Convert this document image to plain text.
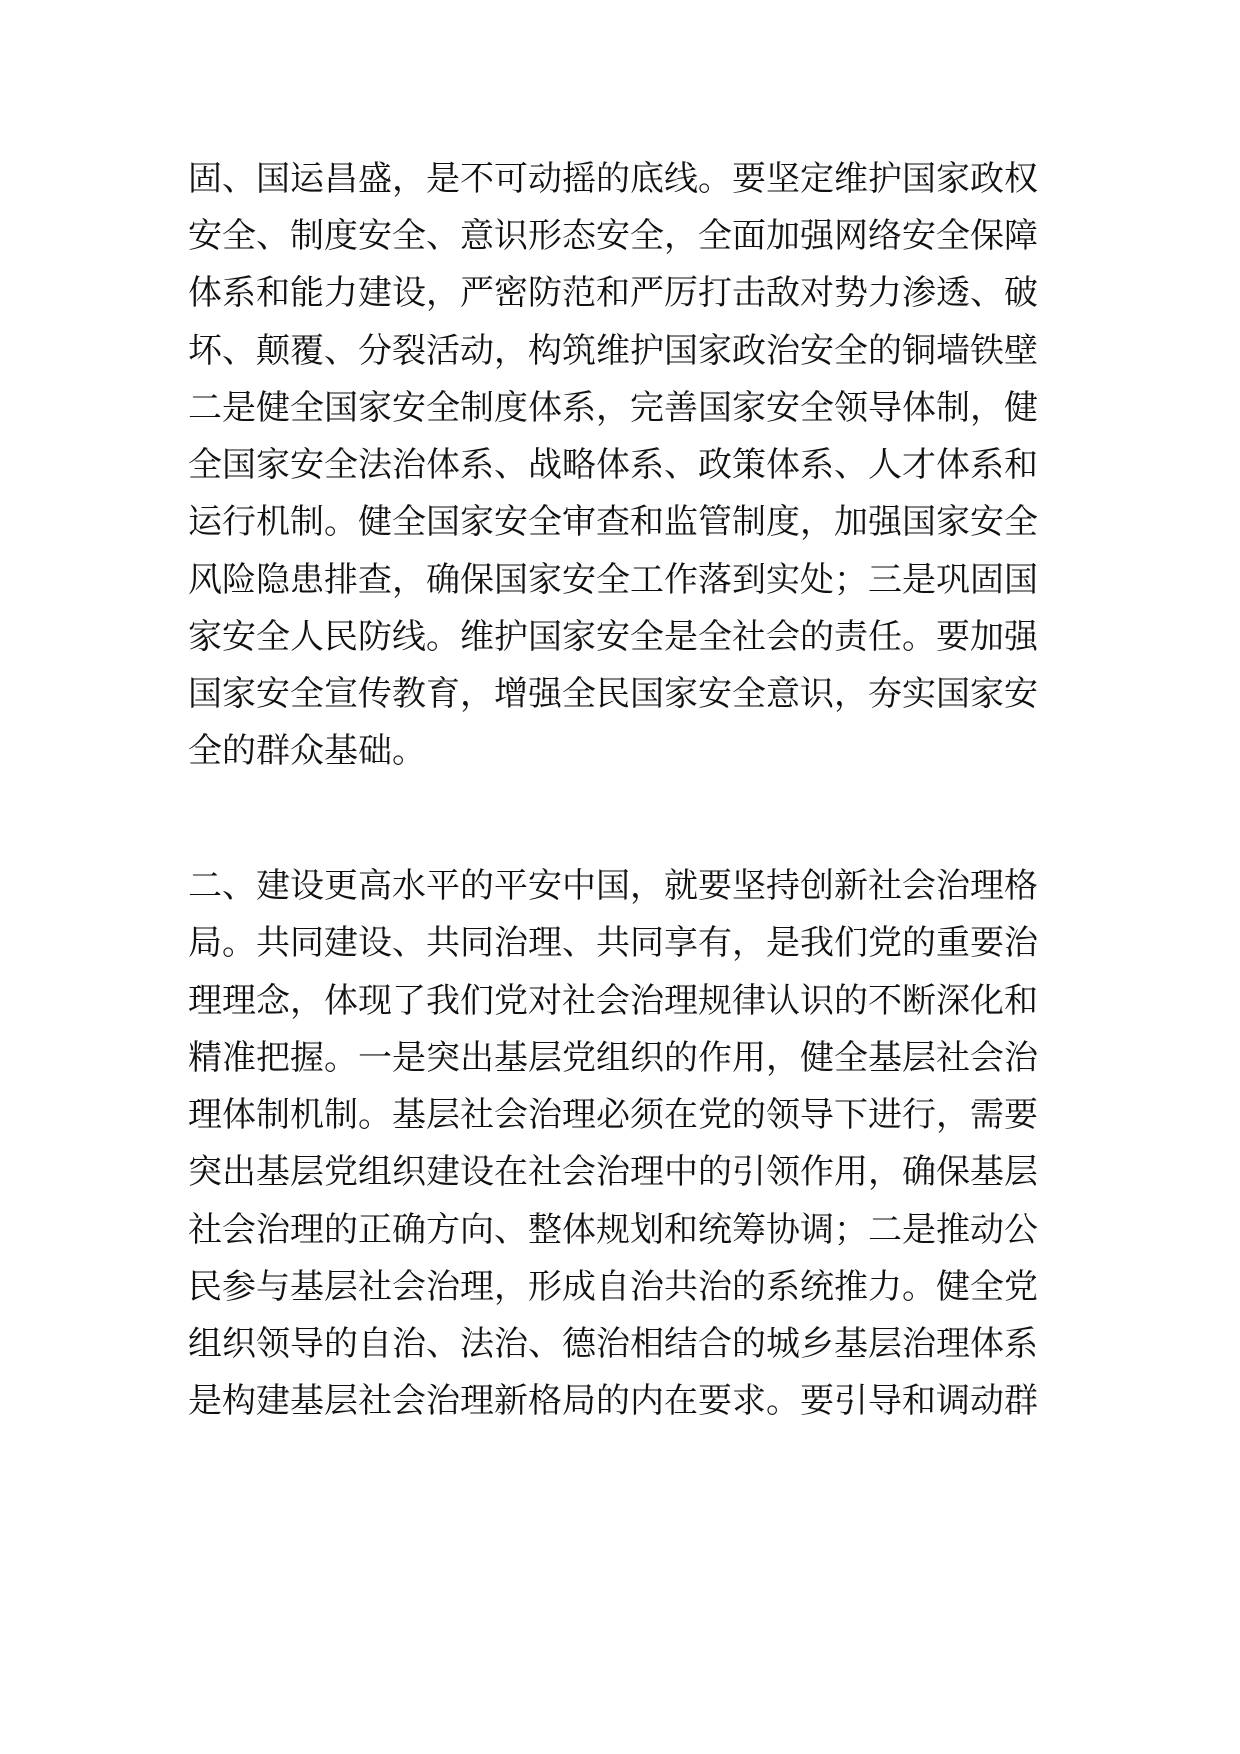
固、国运昌盛，是不可动摇的底线。要坚定维护国家政权
安全、制度安全、意识形态安全，全面加强网络安全保障
体系和能力建设，严密防范和严厉打击敌对势力渗透、破
坏、颠覆、分裂活动，构筑维护国家政治安全的铜墙铁壁
二是健全国家安全制度体系，完善国家安全领导体制，健
全国家安全法治体系、战略体系、政策体系、人才体系和
运行机制。健全国家安全审查和监管制度，加强国家安全
风险隐患排查，确保国家安全工作落到实处；三是巩固国
家安全人民防线。维护国家安全是全社会的责任。要加强
国家安全宣传教育，增强全民国家安全意识，夯实国家安
全的群众基础。
二、建设更高水平的平安中国，就要坚持创新社会治理格
局。共同建设、共同治理、共同享有，是我们党的重要治
理理念，体现了我们党对社会治理规律认识的不断深化和
精准把握。一是突出基层党组织的作用，健全基层社会治
理体制机制。基层社会治理必须在党的领导下进行，需要
突出基层党组织建设在社会治理中的引领作用，确保基层
社会治理的正确方向、整体规划和统筹协调；二是推动公
民参与基层社会治理，形成自治共治的系统推力。健全党
组织领导的自治、法治、德治相结合的城乡基层治理体系
是构建基层社会治理新格局的内在要求。要引导和调动群
